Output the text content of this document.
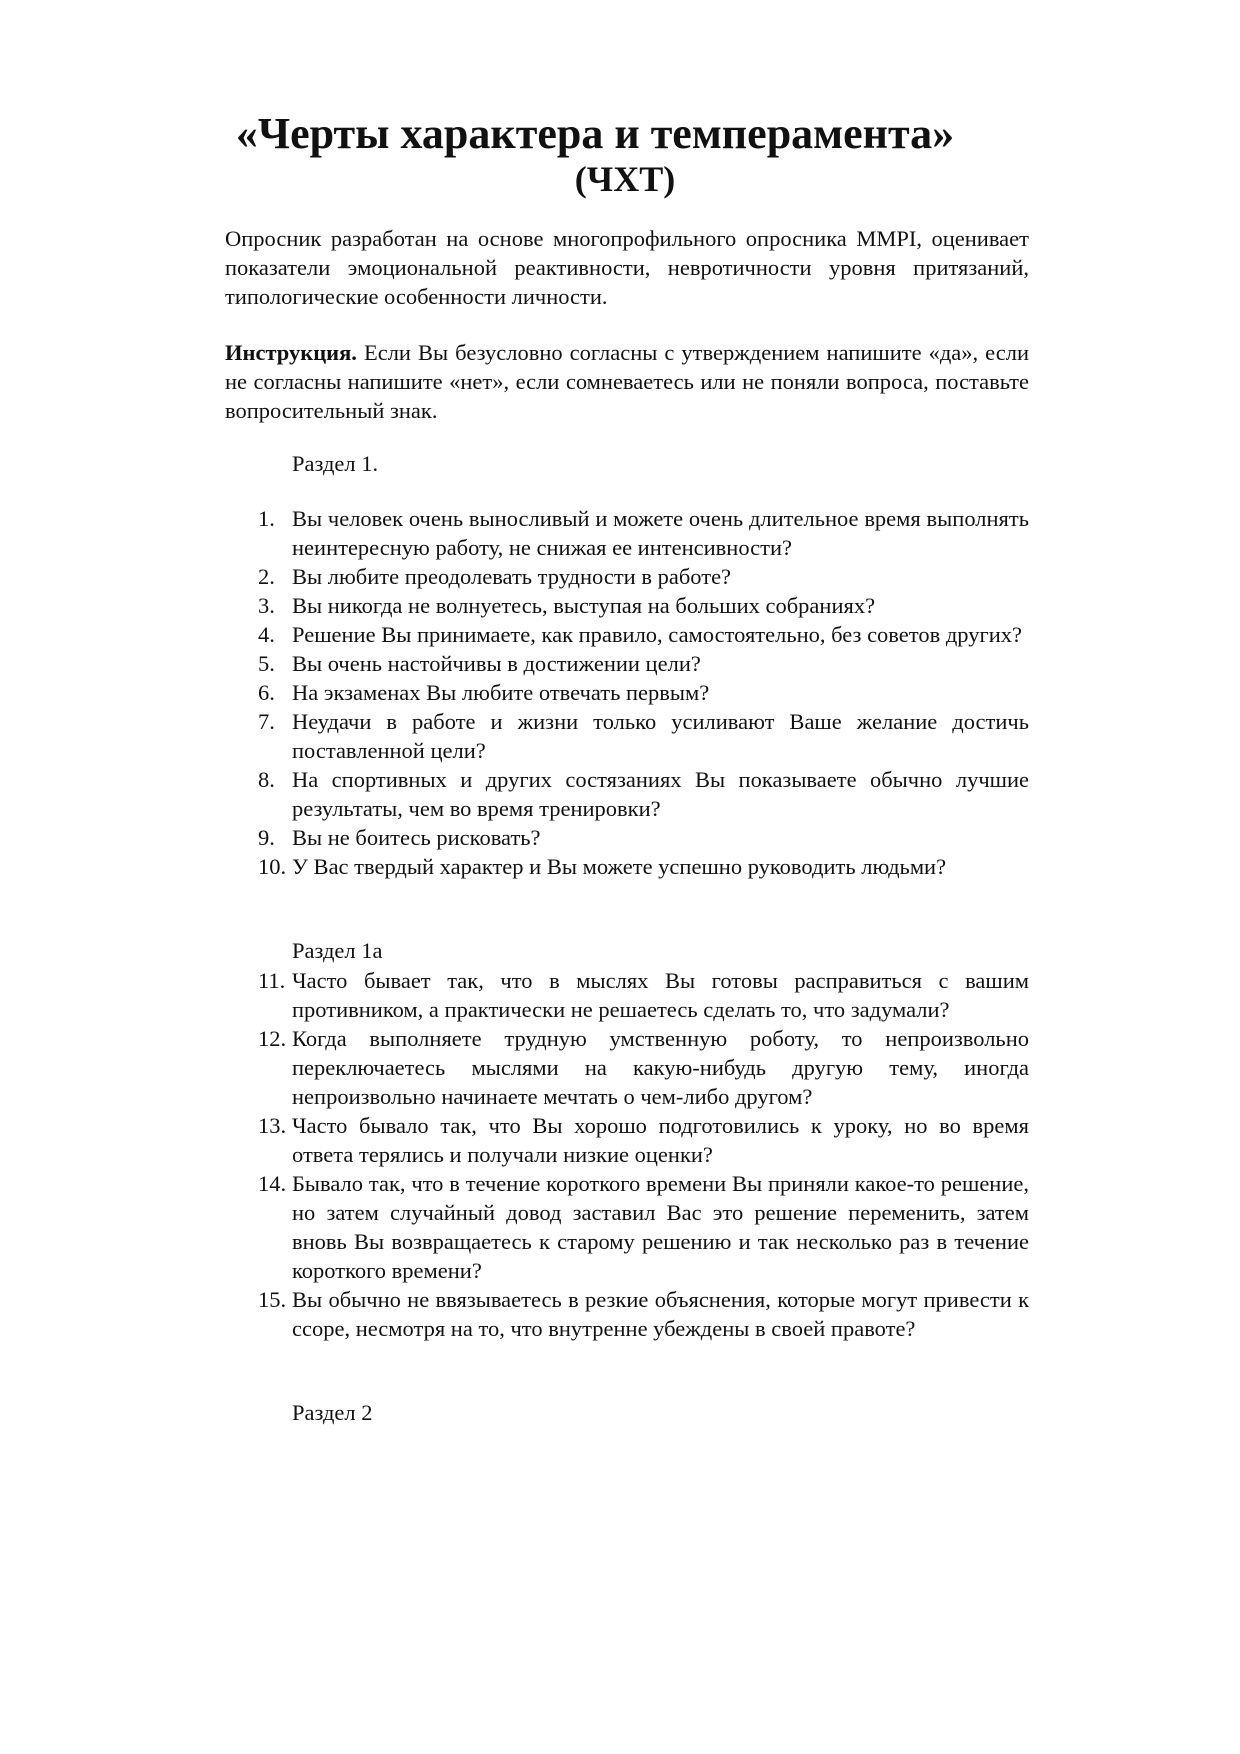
«Черты характера и темперамента»
(ЧХТ)
Опросник разработан на основе многопрофильного опросника MMPI, оценивает показатели эмоциональной реактивности, невротичности уровня притязаний, типологические особенности личности.
Инструкция. Если Вы безусловно согласны с утверждением напишите «да», если не согласны напишите «нет», если сомневаетесь или не поняли вопроса, поставьте вопросительный знак.
Раздел 1.
1. Вы человек очень выносливый и можете очень длительное время выполнять неинтересную работу, не снижая ее интенсивности?
2. Вы любите преодолевать трудности в работе?
3. Вы никогда не волнуетесь, выступая на больших собраниях?
4. Решение Вы принимаете, как правило, самостоятельно, без советов других?
5. Вы очень настойчивы в достижении цели?
6. На экзаменах Вы любите отвечать первым?
7. Неудачи в работе и жизни только усиливают Ваше желание достичь поставленной цели?
8. На спортивных и других состязаниях Вы показываете обычно лучшие результаты, чем во время тренировки?
9. Вы не боитесь рисковать?
10. У Вас твердый характер и Вы можете успешно руководить людьми?
Раздел 1а
11. Часто бывает так, что в мыслях Вы готовы расправиться с вашим противником, а практически не решаетесь сделать то, что задумали?
12. Когда выполняете трудную умственную роботу, то непроизвольно переключаетесь мыслями на какую-нибудь другую тему, иногда непроизвольно начинаете мечтать о чем-либо другом?
13. Часто бывало так, что Вы хорошо подготовились к уроку, но во время ответа терялись и получали низкие оценки?
14. Бывало так, что в течение короткого времени Вы приняли какое-то решение, но затем случайный довод заставил Вас это решение переменить, затем вновь Вы возвращаетесь к старому решению и так несколько раз в течение короткого времени?
15. Вы обычно не ввязываетесь в резкие объяснения, которые могут привести к ссоре, несмотря на то, что внутренне убеждены в своей правоте?
Раздел 2
